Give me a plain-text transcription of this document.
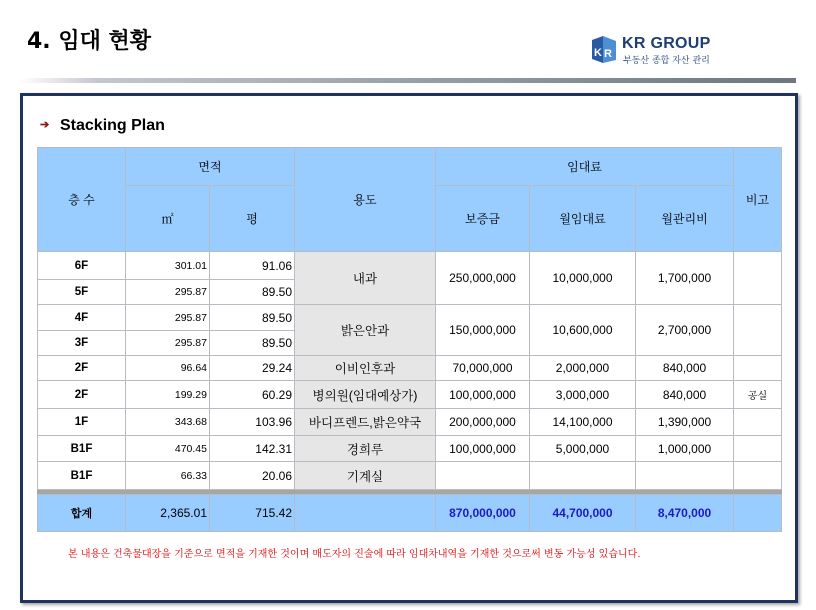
4. 임대 현황	K R
KR GROUP
부동산 종합 자산 관리
➔ Stacking Plan
층 수	면적		용도	임대료			비고
	㎡	평		보증금	월임대료	월관리비	
6F	301.01	91.06	내과	250,000,000	10,000,000	1,700,000	
5F	295.87	89.50					
4F	295.87	89.50	밝은안과	150,000,000	10,600,000	2,700,000	
3F	295.87	89.50					
2F	96.64	29.24	이비인후과	70,000,000	2,000,000	840,000	
2F	199.29	60.29	병의원(임대예상가)	100,000,000	3,000,000	840,000	공실
1F	343.68	103.96	바디프렌드,밝은약국	200,000,000	14,100,000	1,390,000	
B1F	470.45	142.31	경희루	100,000,000	5,000,000	1,000,000	
B1F	66.33	20.06	기계실				

합계	2,365.01	715.42		870,000,000	44,700,000	8,470,000	
본 내용은 건축물대장을 기준으로 면적을 기재한 것이며 매도자의 진술에 따라 임대차내역을 기재한 것으로써 변동 가능성 있습니다.
